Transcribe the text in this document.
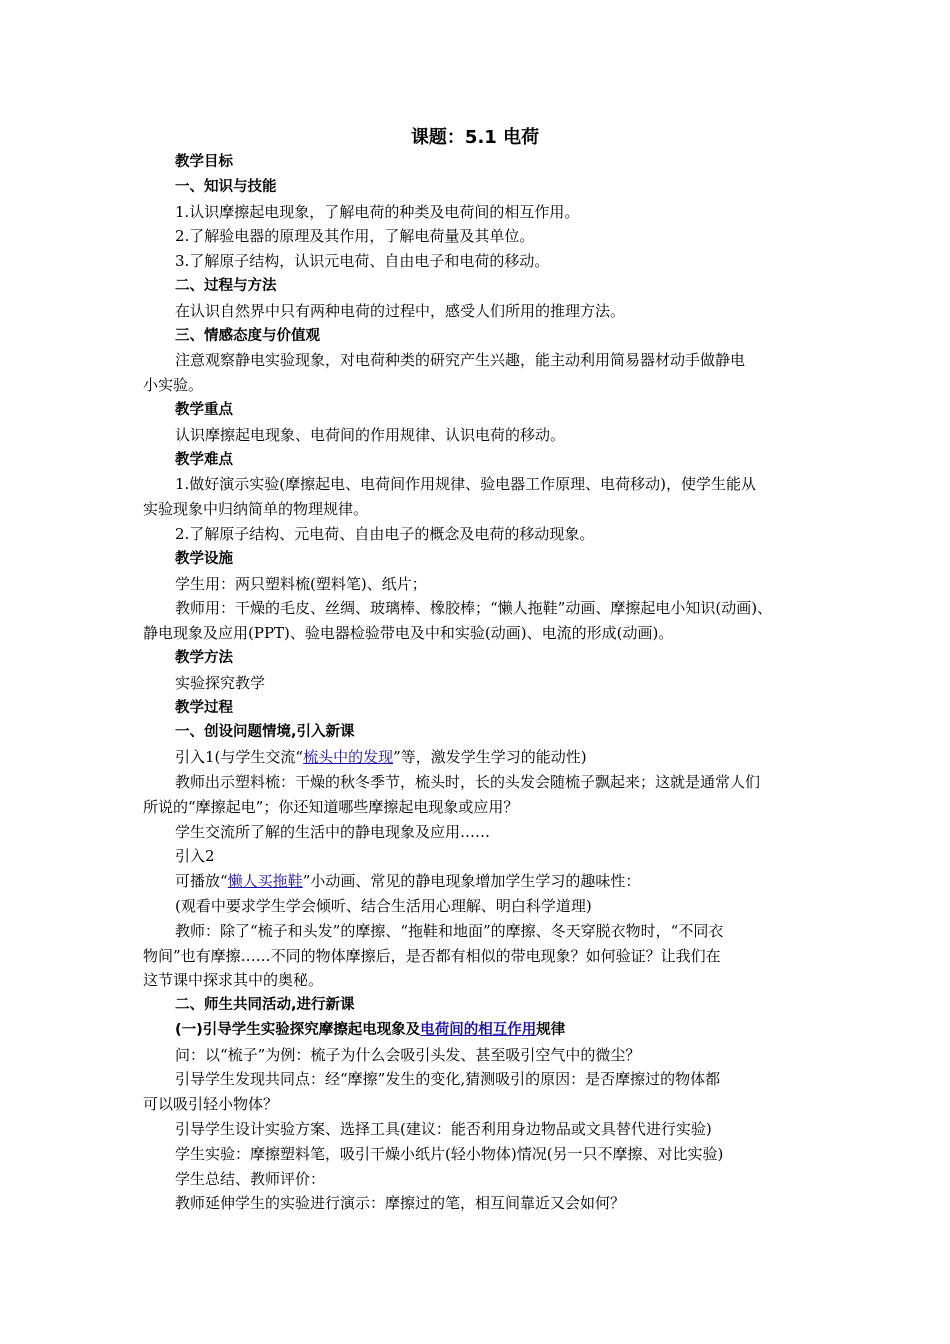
课题：5.1 电荷

教学目标

一、知识与技能

1.认识摩擦起电现象，了解电荷的种类及电荷间的相互作用。

2.了解验电器的原理及其作用，了解电荷量及其单位。

3.了解原子结构，认识元电荷、自由电子和电荷的移动。

二、过程与方法

在认识自然界中只有两种电荷的过程中，感受人们所用的推理方法。

三、情感态度与价值观

注意观察静电实验现象，对电荷种类的研究产生兴趣，能主动利用简易器材动手做静电

小实验。

教学重点

认识摩擦起电现象、电荷间的作用规律、认识电荷的移动。

教学难点

1.做好演示实验(摩擦起电、电荷间作用规律、验电器工作原理、电荷移动)，使学生能从

实验现象中归纳简单的物理规律。

2.了解原子结构、元电荷、自由电子的概念及电荷的移动现象。

教学设施

学生用：两只塑料梳(塑料笔)、纸片；

教师用：干燥的毛皮、丝绸、玻璃棒、橡胶棒；“懒人拖鞋”动画、摩擦起电小知识(动画)、

静电现象及应用(PPT)、验电器检验带电及中和实验(动画)、电流的形成(动画)。

教学方法

实验探究教学

教学过程

一、创设问题情境,引入新课

引入1(与学生交流“梳头中的发现”等，激发学生学习的能动性)

教师出示塑料梳：干燥的秋冬季节，梳头时，长的头发会随梳子飘起来；这就是通常人们

所说的“摩擦起电”；你还知道哪些摩擦起电现象或应用？

学生交流所了解的生活中的静电现象及应用……

引入2

可播放“懒人买拖鞋”小动画、常见的静电现象增加学生学习的趣味性：

(观看中要求学生学会倾听、结合生活用心理解、明白科学道理)

教师：除了“梳子和头发”的摩擦、“拖鞋和地面”的摩擦、冬天穿脱衣物时，“不同衣

物间”也有摩擦……不同的物体摩擦后，是否都有相似的带电现象？如何验证？让我们在

这节课中探求其中的奥秘。

二、师生共同活动,进行新课

(一)引导学生实验探究摩擦起电现象及电荷间的相互作用规律

问：以“梳子”为例：梳子为什么会吸引头发、甚至吸引空气中的微尘？

引导学生发现共同点：经“摩擦”发生的变化,猜测吸引的原因：是否摩擦过的物体都

可以吸引轻小物体？

引导学生设计实验方案、选择工具(建议：能否利用身边物品或文具替代进行实验)

学生实验：摩擦塑料笔，吸引干燥小纸片(轻小物体)情况(另一只不摩擦、对比实验)

学生总结、教师评价：

教师延伸学生的实验进行演示：摩擦过的笔，相互间靠近又会如何？
